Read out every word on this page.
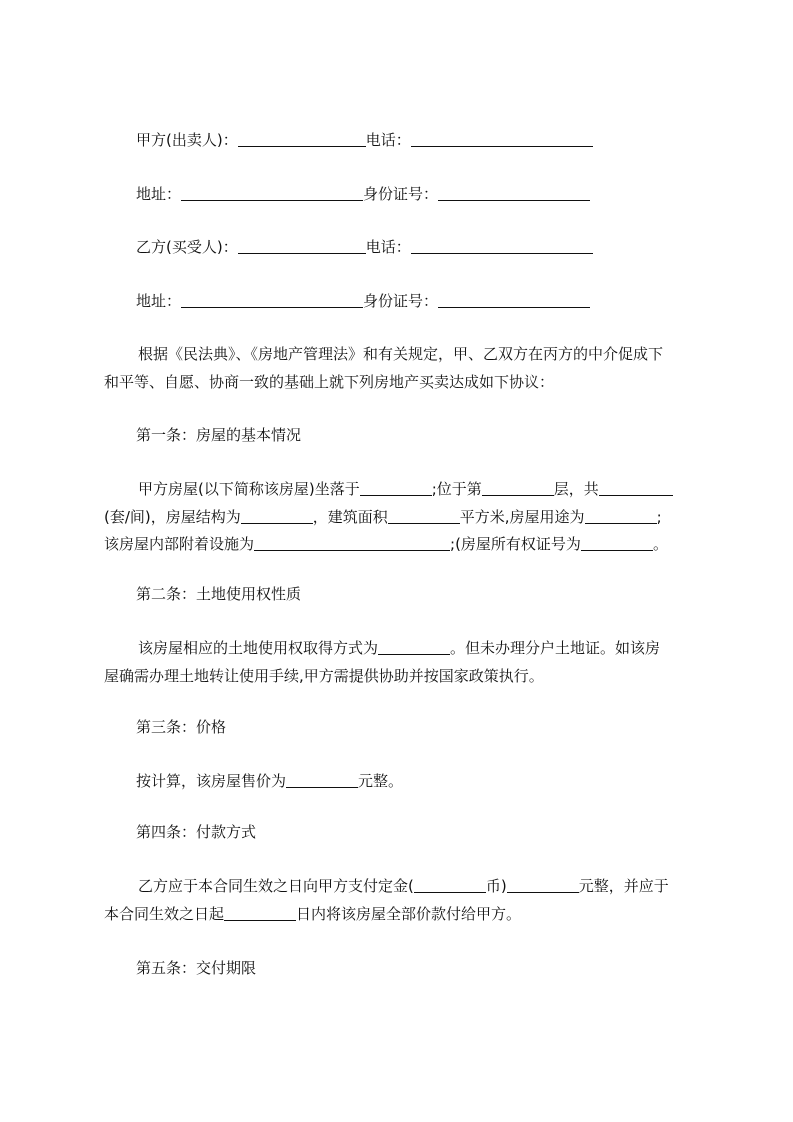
甲方(出卖人)：	电话：
地址：	身份证号：
乙方(买受人)：	电话：
地址：	身份证号：
根据《民法典》、《房地产管理法》和有关规定，甲、乙双方在丙方的中介促成下
和平等、自愿、协商一致的基础上就下列房地产买卖达成如下协议：
第一条：房屋的基本情况
甲方房屋(以下简称该房屋)坐落于	;位于第	层，共
(套/间)，房屋结构为	，建筑面积	平方米,房屋用途为	;
该房屋内部附着设施为	;(房屋所有权证号为	。
第二条：土地使用权性质
该房屋相应的土地使用权取得方式为	。但未办理分户土地证。如该房
屋确需办理土地转让使用手续,甲方需提供协助并按国家政策执行。
第三条：价格
按计算，该房屋售价为	元整。
第四条：付款方式
乙方应于本合同生效之日向甲方支付定金(	币)	元整，并应于
本合同生效之日起	日内将该房屋全部价款付给甲方。
第五条：交付期限
